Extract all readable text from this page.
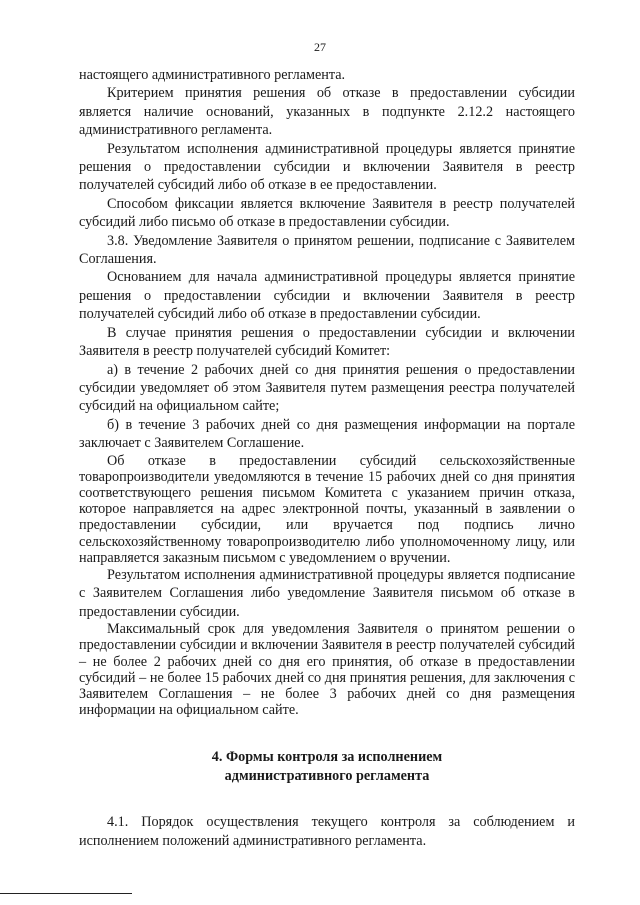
27

настоящего административного регламента.

Критерием принятия решения об отказе в предоставлении субсидии является наличие оснований, указанных в подпункте 2.12.2 настоящего административного регламента.

Результатом исполнения административной процедуры является принятие решения о предоставлении субсидии и включении Заявителя в реестр получателей субсидий либо об отказе в ее предоставлении.

Способом фиксации является включение Заявителя в реестр получателей субсидий либо письмо об отказе в предоставлении субсидии.

3.8. Уведомление Заявителя о принятом решении, подписание с Заявителем Соглашения.

Основанием для начала административной процедуры является принятие решения о предоставлении субсидии и включении Заявителя в реестр получателей субсидий либо об отказе в предоставлении субсидии.

В случае принятия решения о предоставлении субсидии и включении Заявителя в реестр получателей субсидий Комитет:

а) в течение 2 рабочих дней со дня принятия решения о предоставлении субсидии уведомляет об этом Заявителя путем размещения реестра получателей субсидий на официальном сайте;

б) в течение 3 рабочих дней со дня размещения информации на портале заключает с Заявителем Соглашение.

Об отказе в предоставлении субсидий сельскохозяйственные товаропроизводители уведомляются в течение 15 рабочих дней со дня принятия соответствующего решения письмом Комитета с указанием причин отказа, которое направляется на адрес электронной почты, указанный в заявлении о предоставлении субсидии, или вручается под подпись лично сельскохозяйственному товаропроизводителю либо уполномоченному лицу, или направляется заказным письмом с уведомлением о вручении.

Результатом исполнения административной процедуры является подписание с Заявителем Соглашения либо уведомление Заявителя письмом об отказе в предоставлении субсидии.

Максимальный срок для уведомления Заявителя о принятом решении о предоставлении субсидии и включении Заявителя в реестр получателей субсидий – не более 2 рабочих дней со дня его принятия, об отказе в предоставлении субсидий – не более 15 рабочих дней со дня принятия решения, для заключения с Заявителем Соглашения – не более 3 рабочих дней со дня размещения информации на официальном сайте.

4. Формы контроля за исполнением
административного регламента

4.1. Порядок осуществления текущего контроля за соблюдением и исполнением положений административного регламента.
